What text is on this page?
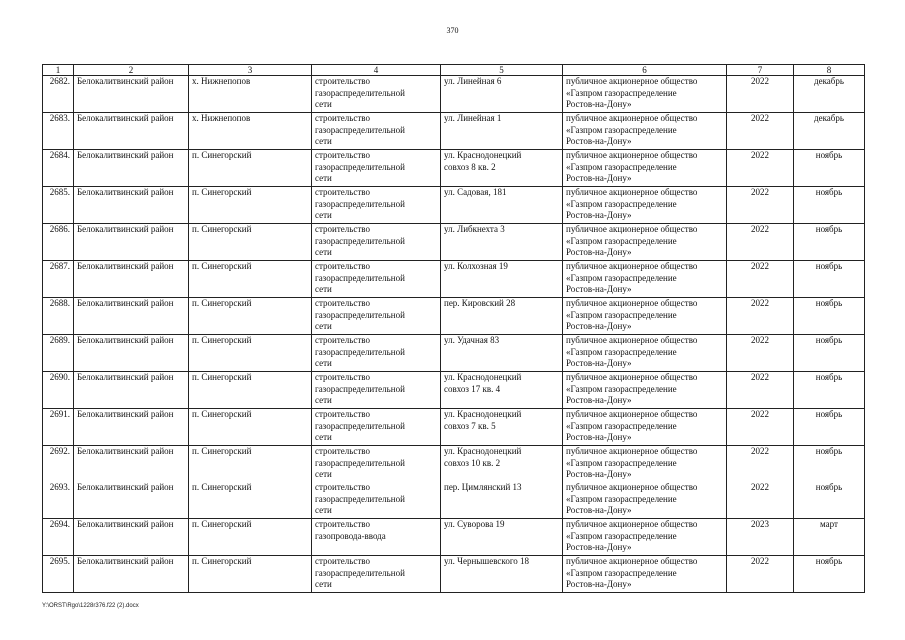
370
1	2	3	4	5	6	7	8
2682.	Белокалитвинский район	х. Нижнепопов	строительство
газораспределительной
сети	ул. Линейная 6	публичное акционерное общество
«Газпром газораспределение
Ростов-на-Дону»	2022	декабрь
2683.	Белокалитвинский район	х. Нижнепопов	строительство
газораспределительной
сети	ул. Линейная 1	публичное акционерное общество
«Газпром газораспределение
Ростов-на-Дону»	2022	декабрь
2684.	Белокалитвинский район	п. Синегорский	строительство
газораспределительной
сети	ул. Краснодонецкий
совхоз 8 кв. 2	публичное акционерное общество
«Газпром газораспределение
Ростов-на-Дону»	2022	ноябрь
2685.	Белокалитвинский район	п. Синегорский	строительство
газораспределительной
сети	ул. Садовая, 181	публичное акционерное общество
«Газпром газораспределение
Ростов-на-Дону»	2022	ноябрь
2686.	Белокалитвинский район	п. Синегорский	строительство
газораспределительной
сети	ул. Либкнехта 3	публичное акционерное общество
«Газпром газораспределение
Ростов-на-Дону»	2022	ноябрь
2687.	Белокалитвинский район	п. Синегорский	строительство
газораспределительной
сети	ул. Колхозная 19	публичное акционерное общество
«Газпром газораспределение
Ростов-на-Дону»	2022	ноябрь
2688.	Белокалитвинский район	п. Синегорский	строительство
газораспределительной
сети	пер. Кировский 28	публичное акционерное общество
«Газпром газораспределение
Ростов-на-Дону»	2022	ноябрь
2689.	Белокалитвинский район	п. Синегорский	строительство
газораспределительной
сети	ул. Удачная 83	публичное акционерное общество
«Газпром газораспределение
Ростов-на-Дону»	2022	ноябрь
2690.	Белокалитвинский район	п. Синегорский	строительство
газораспределительной
сети	ул. Краснодонецкий
совхоз 17 кв. 4	публичное акционерное общество
«Газпром газораспределение
Ростов-на-Дону»	2022	ноябрь
2691.	Белокалитвинский район	п. Синегорский	строительство
газораспределительной
сети	ул. Краснодонецкий
совхоз 7 кв. 5	публичное акционерное общество
«Газпром газораспределение
Ростов-на-Дону»	2022	ноябрь
2692.	Белокалитвинский район	п. Синегорский	строительство
газораспределительной
сети	ул. Краснодонецкий
совхоз 10 кв. 2	публичное акционерное общество
«Газпром газораспределение
Ростов-на-Дону»	2022	ноябрь
2693.	Белокалитвинский район	п. Синегорский	строительство
газораспределительной
сети	пер. Цимлянский 13	публичное акционерное общество
«Газпром газораспределение
Ростов-на-Дону»	2022	ноябрь
2694.	Белокалитвинский район	п. Синегорский	строительство
газопровода-ввода	ул. Суворова 19	публичное акционерное общество
«Газпром газораспределение
Ростов-на-Дону»	2023	март
2695.	Белокалитвинский район	п. Синегорский	строительство
газораспределительной
сети	ул. Чернышевского 18	публичное акционерное общество
«Газпром газораспределение
Ростов-на-Дону»	2022	ноябрь
Y:\ORST\Rgo\1228r376.f22 (2).docx
